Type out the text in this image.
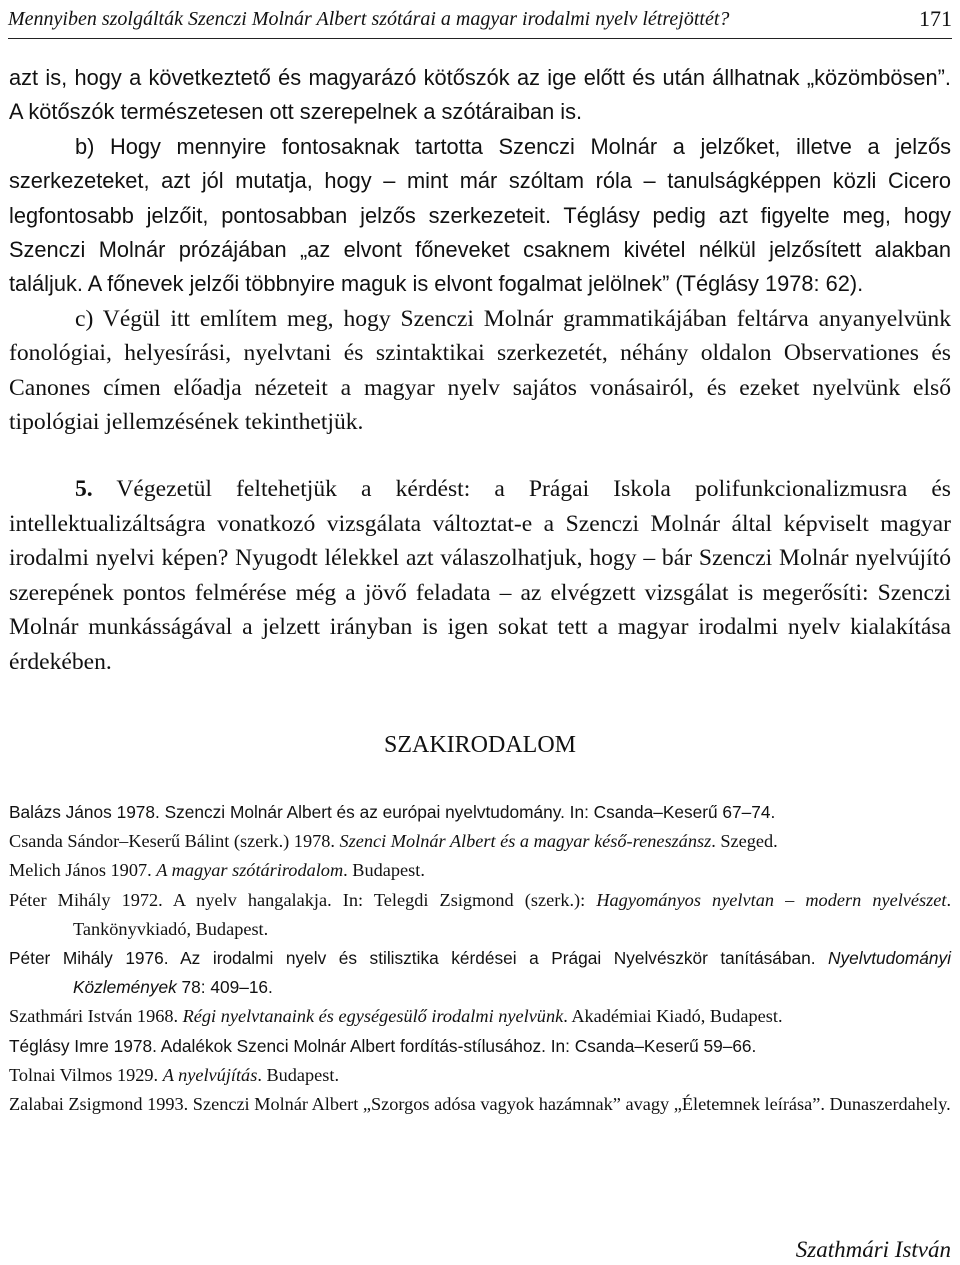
Mennyiben szolgálták Szenczi Molnár Albert szótárai a magyar irodalmi nyelv létrejöttét?	171

azt is, hogy a következtető és magyarázó kötőszók az ige előtt és után állhatnak „közömbösen”. A kötőszók természetesen ott szerepelnek a szótáraiban is.

b) Hogy mennyire fontosaknak tartotta Szenczi Molnár a jelzőket, illetve a jelzős szerkezeteket, azt jól mutatja, hogy – mint már szóltam róla – tanulságképpen közli Cicero legfontosabb jelzőit, pontosabban jelzős szerkezeteit. Téglásy pedig azt figyelte meg, hogy Szenczi Molnár prózájában „az elvont főneveket csaknem kivétel nélkül jelzősített alakban találjuk. A főnevek jelzői többnyire maguk is elvont fogalmat jelölnek” (Téglásy 1978: 62).

c) Végül itt említem meg, hogy Szenczi Molnár grammatikájában feltárva anyanyelvünk fonológiai, helyesírási, nyelvtani és szintaktikai szerkezetét, néhány oldalon Observationes és Canones címen előadja nézeteit a magyar nyelv sajátos vonásairól, és ezeket nyelvünk első tipológiai jellemzésének tekinthetjük.

5. Végezetül feltehetjük a kérdést: a Prágai Iskola polifunkcionalizmusra és intellektualizáltságra vonatkozó vizsgálata változtat-e a Szenczi Molnár által képviselt magyar irodalmi nyelvi képen? Nyugodt lélekkel azt válaszolhatjuk, hogy – bár Szenczi Molnár nyelvújító szerepének pontos felmérése még a jövő feladata – az elvégzett vizsgálat is megerősíti: Szenczi Molnár munkásságával a jelzett irányban is igen sokat tett a magyar irodalmi nyelv kialakítása érdekében.

SZAKIRODALOM
Balázs János 1978. Szenczi Molnár Albert és az európai nyelvtudomány. In: Csanda–Keserű 67–74.
Csanda Sándor–Keserű Bálint (szerk.) 1978. Szenci Molnár Albert és a magyar késő-reneszánsz. Szeged.
Melich János 1907. A magyar szótárirodalom. Budapest.
Péter Mihály 1972. A nyelv hangalakja. In: Telegdi Zsigmond (szerk.): Hagyományos nyelvtan – modern nyelvészet. Tankönyvkiadó, Budapest.
Péter Mihály 1976. Az irodalmi nyelv és stilisztika kérdései a Prágai Nyelvészkör tanításában. Nyelvtudományi Közlemények 78: 409–16.
Szathmári István 1968. Régi nyelvtanaink és egységesülő irodalmi nyelvünk. Akadémiai Kiadó, Budapest.
Téglásy Imre 1978. Adalékok Szenci Molnár Albert fordítás-stílusához. In: Csanda–Keserű 59–66.
Tolnai Vilmos 1929. A nyelvújítás. Budapest.
Zalabai Zsigmond 1993. Szenczi Molnár Albert „Szorgos adósa vagyok hazámnak” avagy „Életemnek leírása”. Dunaszerdahely.
Szathmári István
